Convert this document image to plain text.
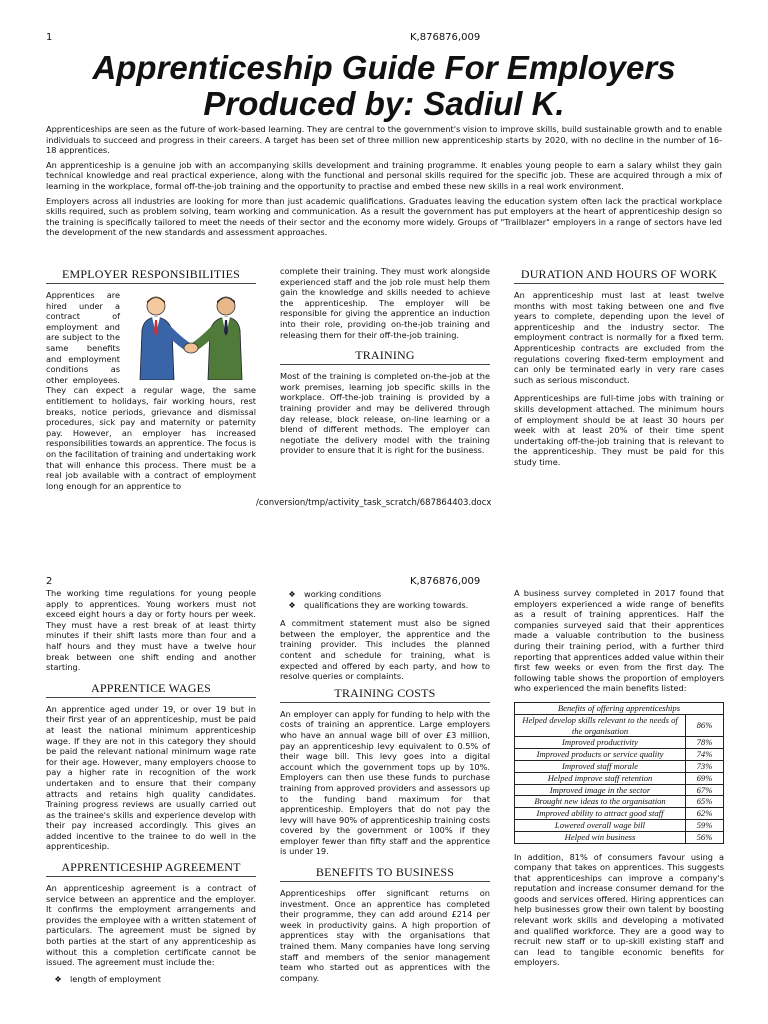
1	K,876876,009
Apprenticeship Guide For Employers
Produced by: Sadiul K.

Apprenticeships are seen as the future of work-based learning. They are central to the government's vision to improve skills, build sustainable growth and to enable individuals to succeed and progress in their careers. A target has been set of three million new apprenticeship starts by 2020, with no decline in the number of 16-18 apprentices.

An apprenticeship is a genuine job with an accompanying skills development and training programme. It enables young people to earn a salary whilst they gain technical knowledge and real practical experience, along with the functional and personal skills required for the specific job. These are acquired through a mix of learning in the workplace, formal off-the-job training and the opportunity to practise and embed these new skills in a real work environment.

Employers across all industries are looking for more than just academic qualifications. Graduates leaving the education system often lack the practical workplace skills required, such as problem solving, team working and communication. As a result the government has put employers at the heart of apprenticeship design so the training is specifically tailored to meet the needs of their sector and the economy more widely. Groups of "Trailblazer" employers in a range of sectors have led the development of the new standards and assessment approaches.

EMPLOYER RESPONSIBILITIES

Apprentices are hired under a contract of employment and are subject to the same benefits and employment conditions as other employees. They can expect a regular wage, the same entitlement to holidays, fair working hours, rest breaks, notice periods, grievance and dismissal procedures, sick pay and maternity or paternity pay. However, an employer has increased responsibilities towards an apprentice. The focus is on the facilitation of training and undertaking work that will enhance this process. There must be a real job available with a contract of employment long enough for an apprentice to

complete their training. They must work alongside experienced staff and the job role must help them gain the knowledge and skills needed to achieve the apprenticeship. The employer will be responsible for giving the apprentice an induction into their role, providing on-the-job training and releasing them for their off-the-job training.

TRAINING

Most of the training is completed on-the-job at the work premises, learning job specific skills in the workplace. Off-the-job training is provided by a training provider and may be delivered through day release, block release, on-line learning or a blend of different methods. The employer can negotiate the delivery model with the training provider to ensure that it is right for the business.

DURATION AND HOURS OF WORK

An apprenticeship must last at least twelve months with most taking between one and five years to complete, depending upon the level of apprenticeship and the industry sector. The employment contract is normally for a fixed term. Apprenticeship contracts are excluded from the regulations covering fixed-term employment and can only be terminated early in very rare cases such as serious misconduct.

Apprenticeships are full-time jobs with training or skills development attached. The minimum hours of employment should be at least 30 hours per week with at least 20% of their time spent undertaking off-the-job training that is relevant to the apprenticeship. They must be paid for this study time.

/conversion/tmp/activity_task_scratch/687864403.docx
2	K,876876,009

The working time regulations for young people apply to apprentices. Young workers must not exceed eight hours a day or forty hours per week. They must have a rest break of at least thirty minutes if their shift lasts more than four and a half hours and they must have a twelve hour break between one shift ending and another starting.

APPRENTICE WAGES

An apprentice aged under 19, or over 19 but in their first year of an apprenticeship, must be paid at least the national minimum apprenticeship wage. If they are not in this category they should be paid the relevant national minimum wage rate for their age. However, many employers choose to pay a higher rate in recognition of the work undertaken and to ensure that their company attracts and retains high quality candidates. Training progress reviews are usually carried out as the trainee's skills and experience develop with their pay increased accordingly. This gives an added incentive to the trainee to do well in the apprenticeship.

APPRENTICESHIP AGREEMENT

An apprenticeship agreement is a contract of service between an apprentice and the employer. It confirms the employment arrangements and provides the employee with a written statement of particulars. The agreement must be signed by both parties at the start of any apprenticeship as without this a completion certificate cannot be issued. The agreement must include the:

❖	length of employment
❖	working conditions
❖	qualifications they are working towards.

A commitment statement must also be signed between the employer, the apprentice and the training provider. This includes the planned content and schedule for training, what is expected and offered by each party, and how to resolve queries or complaints.

TRAINING COSTS

An employer can apply for funding to help with the costs of training an apprentice. Large employers who have an annual wage bill of over £3 million, pay an apprenticeship levy equivalent to 0.5% of their wage bill. This levy goes into a digital account which the government tops up by 10%. Employers can then use these funds to purchase training from approved providers and assessors up to the funding band maximum for that apprenticeship. Employers that do not pay the levy will have 90% of apprenticeship training costs covered by the government or 100% if they employer fewer than fifty staff and the apprentice is under 19.

BENEFITS TO BUSINESS

Apprenticeships offer significant returns on investment. Once an apprentice has completed their programme, they can add around £214 per week in productivity gains. A high proportion of apprentices stay with the organisations that trained them. Many companies have long serving staff and members of the senior management team who started out as apprentices with the company.

A business survey completed in 2017 found that employers experienced a wide range of benefits as a result of training apprentices. Half the companies surveyed said that their apprentices made a valuable contribution to the business during their training period, with a further third reporting that apprentices added value within their first few weeks or even from the first day. The following table shows the proportion of employers who experienced the main benefits listed:

Benefits of offering apprenticeships	
Helped develop skills relevant to the needs of the organisation	86%
Improved productivity	78%
Improved products or service quality	74%
Improved staff morale	73%
Helped improve staff retention	69%
Improved image in the sector	67%
Brought new ideas to the organisation	65%
Improved ability to attract good staff	62%
Lowered overall wage bill	59%
Helped win business	56%

In addition, 81% of consumers favour using a company that takes on apprentices. This suggests that apprenticeships can improve a company's reputation and increase consumer demand for the goods and services offered. Hiring apprentices can help businesses grow their own talent by boosting relevant work skills and developing a motivated and qualified workforce. They are a good way to recruit new staff or to up-skill existing staff and can lead to tangible economic benefits for employers.
